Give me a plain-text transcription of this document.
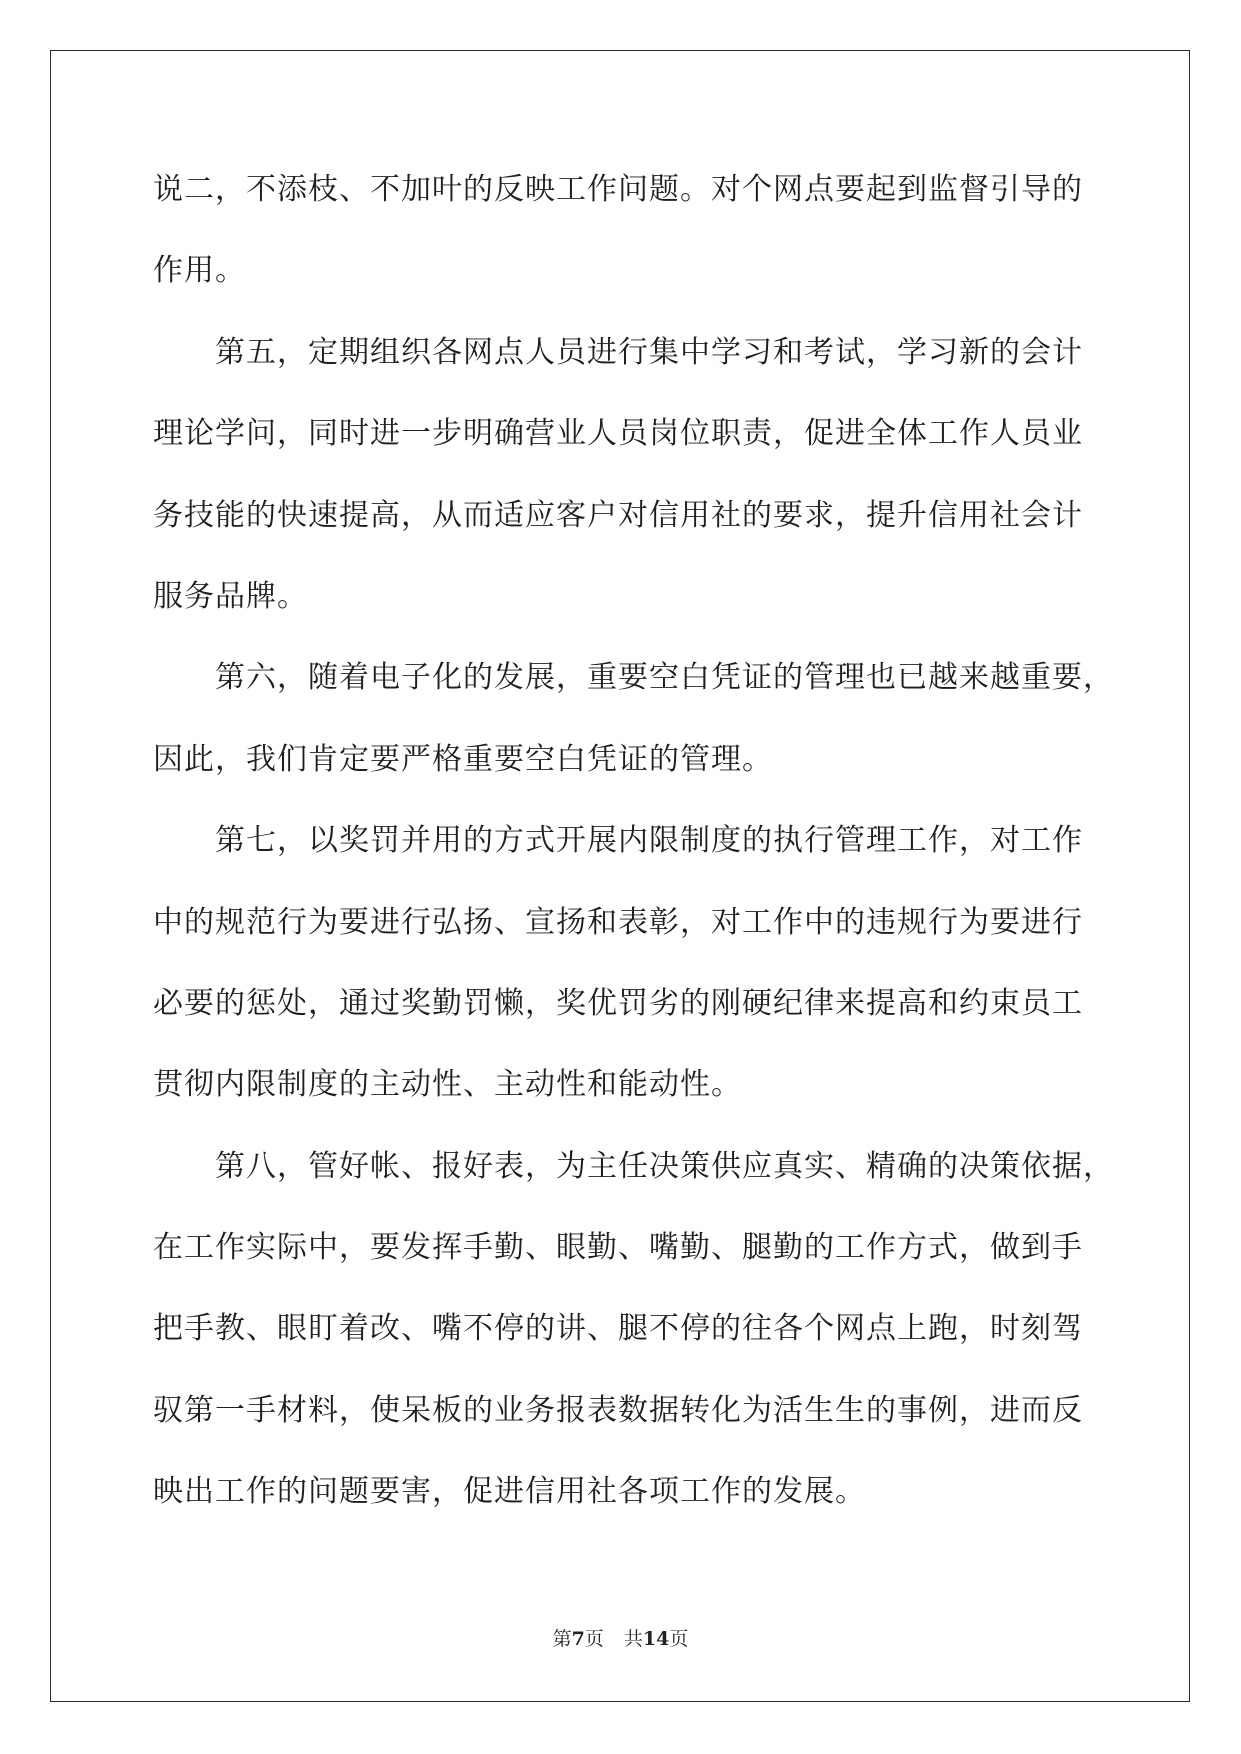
说二，不添枝、不加叶的反映工作问题。对个网点要起到监督引导的
作用。
第五，定期组织各网点人员进行集中学习和考试，学习新的会计
理论学问，同时进一步明确营业人员岗位职责，促进全体工作人员业
务技能的快速提高，从而适应客户对信用社的要求，提升信用社会计
服务品牌。
第六，随着电子化的发展，重要空白凭证的管理也已越来越重要，
因此，我们肯定要严格重要空白凭证的管理。
第七，以奖罚并用的方式开展内限制度的执行管理工作，对工作
中的规范行为要进行弘扬、宣扬和表彰，对工作中的违规行为要进行
必要的惩处，通过奖勤罚懒，奖优罚劣的刚硬纪律来提高和约束员工
贯彻内限制度的主动性、主动性和能动性。
第八，管好帐、报好表，为主任决策供应真实、精确的决策依据，
在工作实际中，要发挥手勤、眼勤、嘴勤、腿勤的工作方式，做到手
把手教、眼盯着改、嘴不停的讲、腿不停的往各个网点上跑，时刻驾
驭第一手材料，使呆板的业务报表数据转化为活生生的事例，进而反
映出工作的问题要害，促进信用社各项工作的发展。
第7页 共14页
